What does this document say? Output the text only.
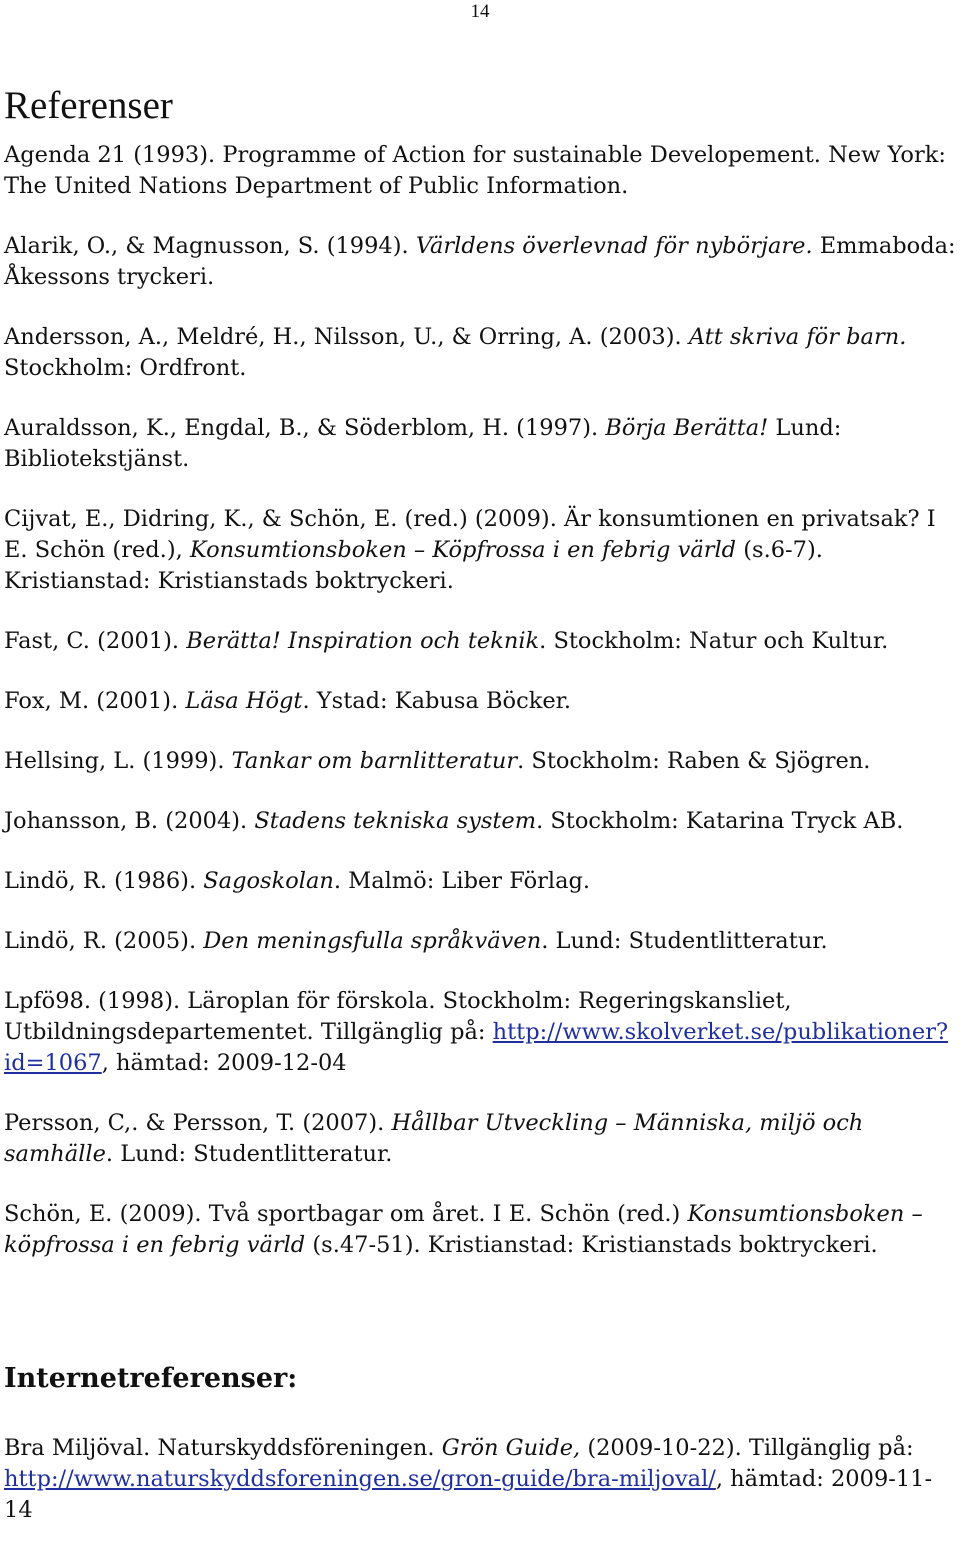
14
Referenser

Agenda 21 (1993). Programme of Action for sustainable Developement. New York: The United Nations Department of Public Information.

Alarik, O., & Magnusson, S. (1994). Världens överlevnad för nybörjare. Emmaboda: Åkessons tryckeri.

Andersson, A., Meldré, H., Nilsson, U., & Orring, A. (2003). Att skriva för barn. Stockholm: Ordfront.

Auraldsson, K., Engdal, B., & Söderblom, H. (1997). Börja Berätta! Lund: Bibliotekstjänst.

Cijvat, E., Didring, K., & Schön, E. (red.) (2009). Är konsumtionen en privatsak? I E. Schön (red.), Konsumtionsboken – Köpfrossa i en febrig värld (s.6-7). Kristianstad: Kristianstads boktryckeri.

Fast, C. (2001). Berätta! Inspiration och teknik. Stockholm: Natur och Kultur.

Fox, M. (2001). Läsa Högt. Ystad: Kabusa Böcker.

Hellsing, L. (1999). Tankar om barnlitteratur. Stockholm: Raben & Sjögren.

Johansson, B. (2004). Stadens tekniska system. Stockholm: Katarina Tryck AB.

Lindö, R. (1986). Sagoskolan. Malmö: Liber Förlag.

Lindö, R. (2005). Den meningsfulla språkväven. Lund: Studentlitteratur.

Lpfö98. (1998). Läroplan för förskola. Stockholm: Regeringskansliet, Utbildningsdepartementet. Tillgänglig på: http://www.skolverket.se/publikationer?id=1067, hämtad: 2009-12-04

Persson, C,. & Persson, T. (2007). Hållbar Utveckling – Människa, miljö och samhälle. Lund: Studentlitteratur.

Schön, E. (2009). Två sportbagar om året. I E. Schön (red.) Konsumtionsboken – köpfrossa i en febrig värld (s.47-51). Kristianstad: Kristianstads boktryckeri.

Internetreferenser:

Bra Miljöval. Naturskyddsföreningen. Grön Guide, (2009-10-22). Tillgänglig på: http://www.naturskyddsforeningen.se/gron-guide/bra-miljoval/, hämtad: 2009-11-14
